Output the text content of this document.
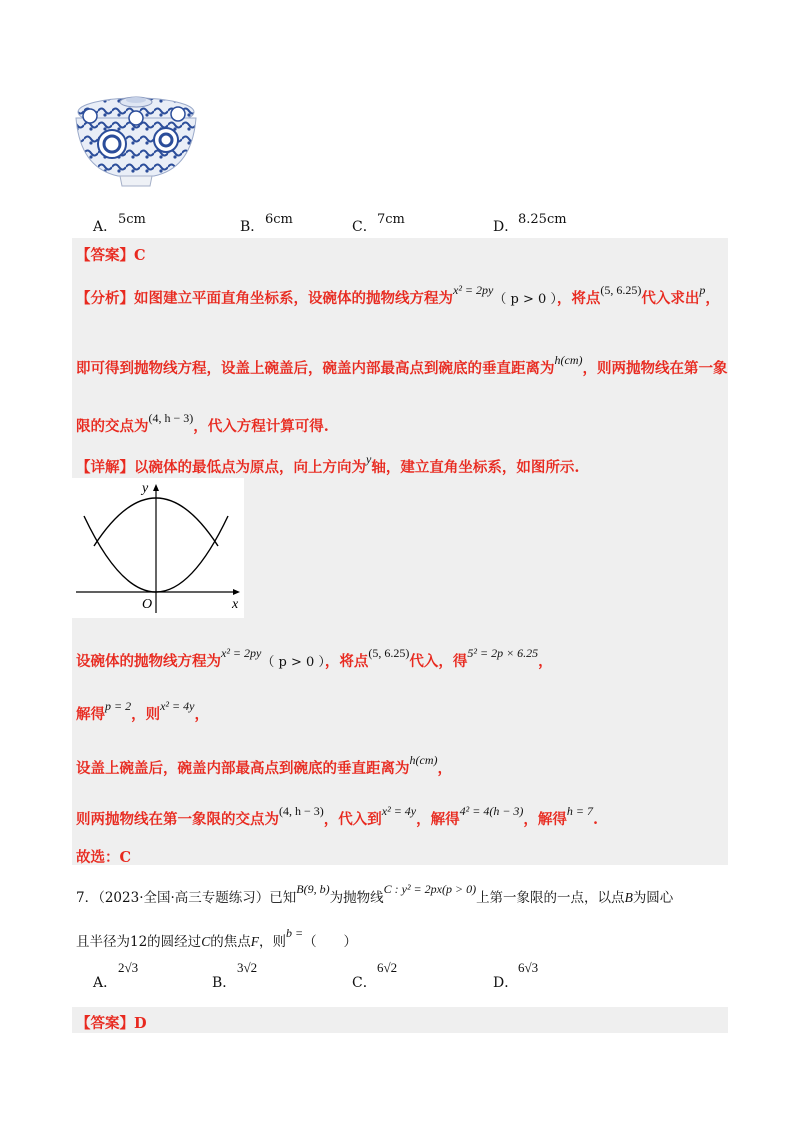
A． 5cm	B． 6cm	C． 7cm	D． 8.25cm
【答案】C
【分析】如图建立平面直角坐标系，设碗体的抛物线方程为$^{x^2 = 2py}$（ p > 0 ），将点$^{(5, 6.25)}$代入求出$^p$，
即可得到抛物线方程，设盖上碗盖后，碗盖内部最高点到碗底的垂直距离为$^{h(cm)}$，则两抛物线在第一象
限的交点为$^{(4, h - 3)}$，代入方程计算可得.
【详解】以碗体的最低点为原点，向上方向为$^y$轴，建立直角坐标系，如图所示.
y
x
O
设碗体的抛物线方程为$^{x^2 = 2py}$（ p > 0 ），将点$^{(5, 6.25)}$代入，得$^{5^2 = 2p \times 6.25}$，
解得$^{p = 2}$，则$^{x^2 = 4y}$，
设盖上碗盖后，碗盖内部最高点到碗底的垂直距离为$^{h(cm)}$，
则两抛物线在第一象限的交点为$^{(4, h - 3)}$，代入到$^{x^2 = 4y}$，解得$^{4^2 = 4(h - 3)}$，解得$^{h = 7}$.
故选：C
7．（2023·全国·高三专题练习）已知B(9, b)为抛物线C : y² = 2px(p > 0)上第一象限的一点，以点B为圆心
且半径为12的圆经过C的焦点F，则b =（　　）
A．
2√3
B．
3√2
C．
6√2
D．
6√3
【答案】D
